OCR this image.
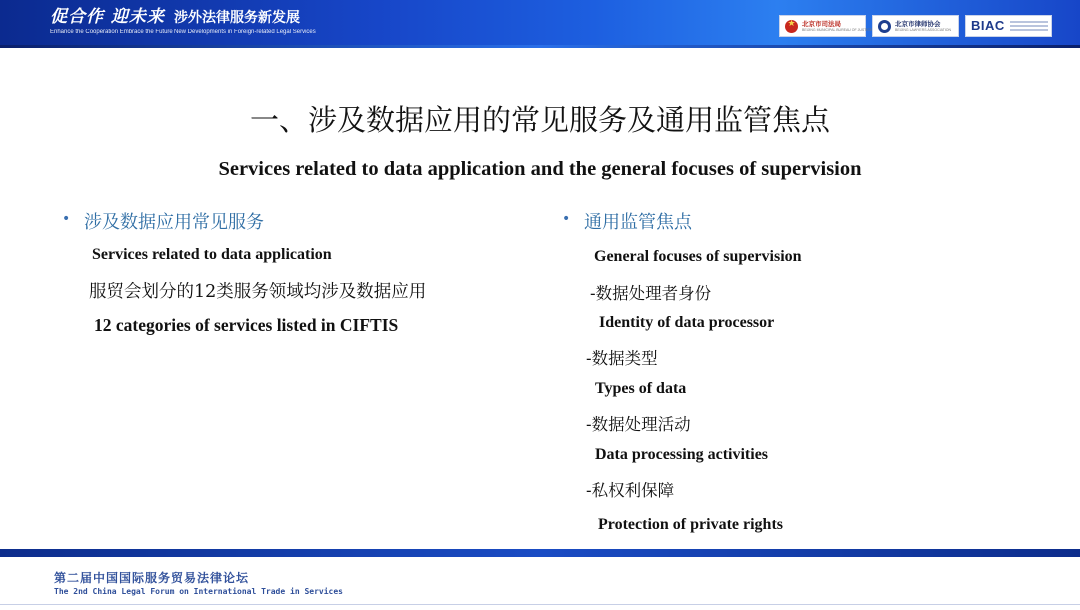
促合作 迎未来
Enhance the Cooperation Embrace the Future
涉外法律服务新发展
New Developments in Foreign-related Legal Services
★
北京市司法局
BEIJING MUNICIPAL BUREAU OF JUSTICE
北京市律师协会
BEIJING LAWYERS ASSOCIATION BIAC
一、涉及数据应用的常见服务及通用监管焦点
Services related to data application and the general focuses of supervision
• 涉及数据应用常见服务
Services related to data application
服贸会划分的12类服务领域均涉及数据应用
12 categories of services listed in CIFTIS
• 通用监管焦点
General focuses of supervision
-数据处理者身份
Identity of data processor
-数据类型
Types of data
-数据处理活动
Data processing activities
-私权利保障
Protection of private rights
第二届中国国际服务贸易法律论坛
The 2nd China Legal Forum on International Trade in Services
